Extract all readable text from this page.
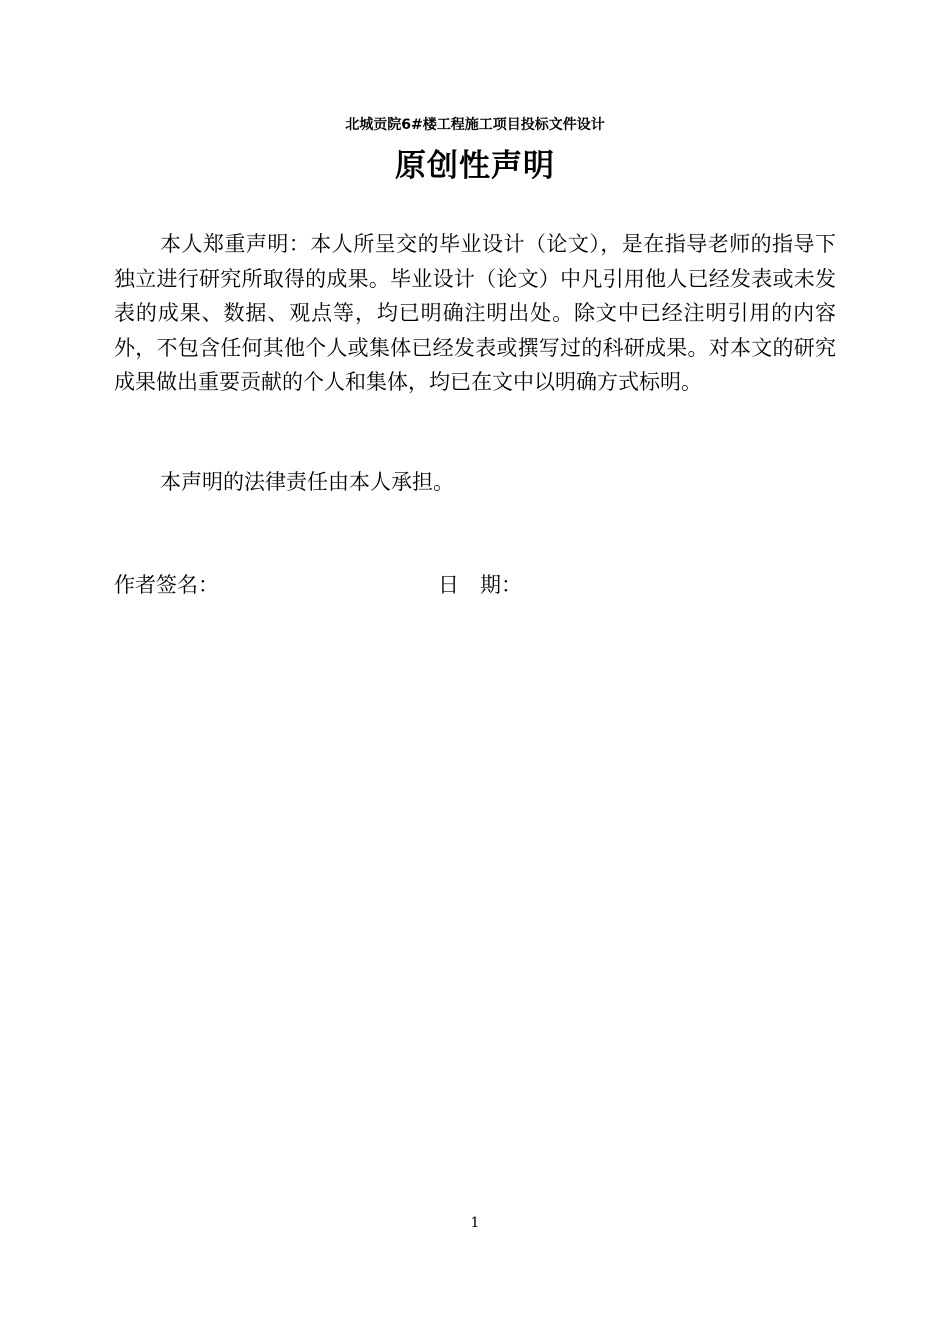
北城贡院6#楼工程施工项目投标文件设计
原创性声明

本人郑重声明：本人所呈交的毕业设计（论文），是在指导老师的指导下独立进行研究所取得的成果。毕业设计（论文）中凡引用他人已经发表或未发表的成果、数据、观点等，均已明确注明出处。除文中已经注明引用的内容外，不包含任何其他个人或集体已经发表或撰写过的科研成果。对本文的研究成果做出重要贡献的个人和集体，均已在文中以明确方式标明。

本声明的法律责任由本人承担。

作者签名：	日　期：
1
